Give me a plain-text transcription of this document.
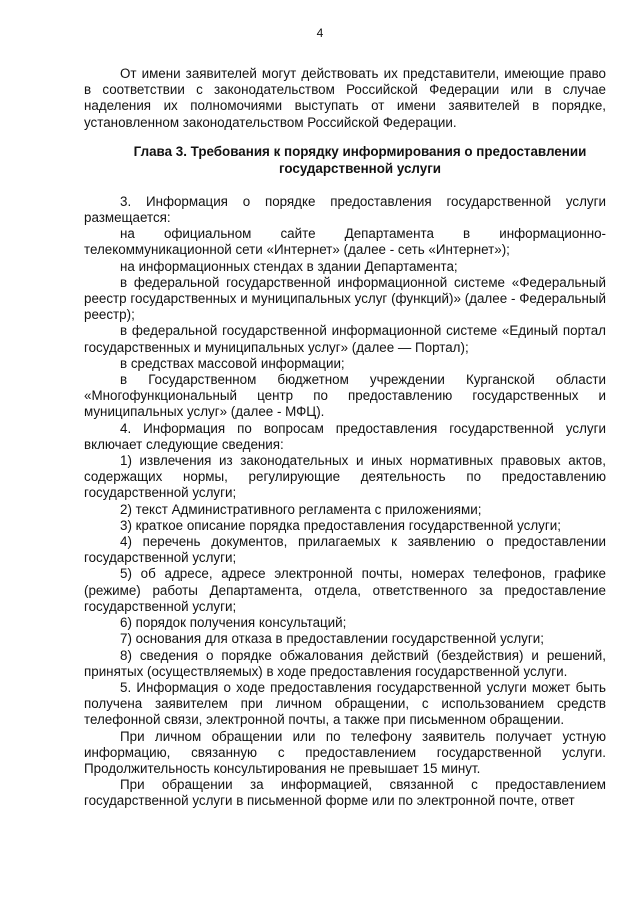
4

От имени заявителей могут действовать их представители, имеющие право в соответствии с законодательством Российской Федерации или в случае наделения их полномочиями выступать от имени заявителей в порядке, установленном законодательством Российской Федерации.

Глава 3. Требования к порядку информирования о предоставлении
государственной услуги

3. Информация о порядке предоставления государственной услуги размещается:

на официальном сайте Департамента в информационно-телекоммуникационной сети «Интернет» (далее - сеть «Интернет»);

на информационных стендах в здании Департамента;

в федеральной государственной информационной системе «Федеральный реестр государственных и муниципальных услуг (функций)» (далее - Федеральный реестр);

в федеральной государственной информационной системе «Единый портал государственных и муниципальных услуг» (далее — Портал);

в средствах массовой информации;

в Государственном бюджетном учреждении Курганской области «Многофункциональный центр по предоставлению государственных и муниципальных услуг» (далее - МФЦ).

4. Информация по вопросам предоставления государственной услуги включает следующие сведения:

1) извлечения из законодательных и иных нормативных правовых актов, содержащих нормы, регулирующие деятельность по предоставлению государственной услуги;

2) текст Административного регламента с приложениями;

3) краткое описание порядка предоставления государственной услуги;

4) перечень документов, прилагаемых к заявлению о предоставлении государственной услуги;

5) об адресе, адресе электронной почты, номерах телефонов, графике (режиме) работы Департамента, отдела, ответственного за предоставление государственной услуги;

6) порядок получения консультаций;

7) основания для отказа в предоставлении государственной услуги;

8) сведения о порядке обжалования действий (бездействия) и решений, принятых (осуществляемых) в ходе предоставления государственной услуги.

5. Информация о ходе предоставления государственной услуги может быть получена заявителем при личном обращении, с использованием средств телефонной связи, электронной почты, а также при письменном обращении.

При личном обращении или по телефону заявитель получает устную информацию, связанную с предоставлением государственной услуги. Продолжительность консультирования не превышает 15 минут.

При обращении за информацией, связанной с предоставлением государственной услуги в письменной форме или по электронной почте, ответ
